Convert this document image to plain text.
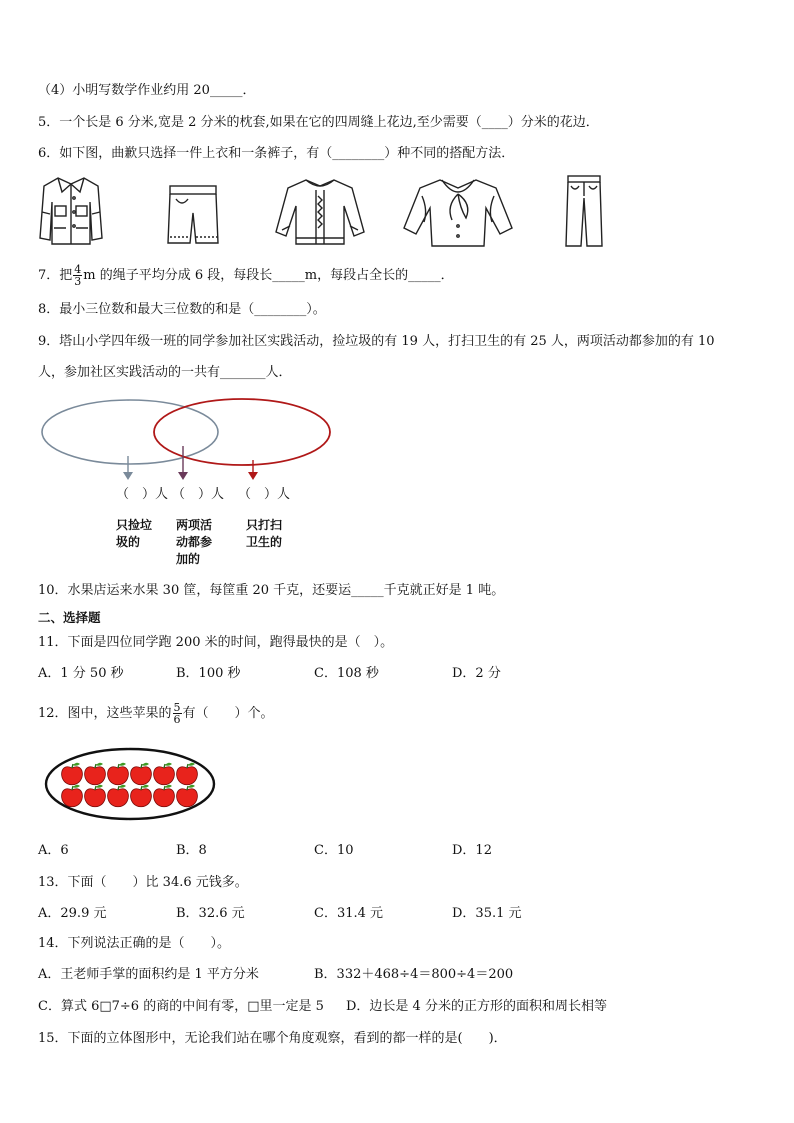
（4）小明写数学作业约用 20_____．
5．一个长是 6 分米,宽是 2 分米的枕套,如果在它的四周缝上花边,至少需要（____）分米的花边．
6．如下图，曲歉只选择一件上衣和一条裤子，有（________）种不同的搭配方法．
7．把 $\frac{4}{3}$ m 的绳子平均分成 6 段，每段长_____m，每段占全长的_____．
8．最小三位数和最大三位数的和是（________）。
9．塔山小学四年级一班的同学参加社区实践活动，捡垃圾的有 19 人，打扫卫生的有 25 人，两项活动都参加的有 10
人，参加社区实践活动的一共有_______人．
（　）人 （　）人 （　）人
只捡垃
圾的
两项活
动都参
加的
只打扫
卫生的
10．水果店运来水果 30 筐，每筐重 20 千克，还要运_____千克就正好是 1 吨。
二、选择题
11．下面是四位同学跑 200 米的时间，跑得最快的是（　）。
A．1 分 50 秒	B．100 秒	C．108 秒	D．2 分
12．图中，这些苹果的 $\frac{5}{6}$ 有（　　）个。
A．6	B．8	C．10	D．12
13．下面（　　）比 34.6 元钱多。
A．29.9 元	B．32.6 元	C．31.4 元	D．35.1 元
14．下列说法正确的是（　　）。
A．王老师手掌的面积约是 1 平方分米	B．332＋468÷4＝800÷4＝200
C．算式 6□7÷6 的商的中间有零，□里一定是 5 D．边长是 4 分米的正方形的面积和周长相等
15．下面的立体图形中，无论我们站在哪个角度观察，看到的都一样的是(　　)．
